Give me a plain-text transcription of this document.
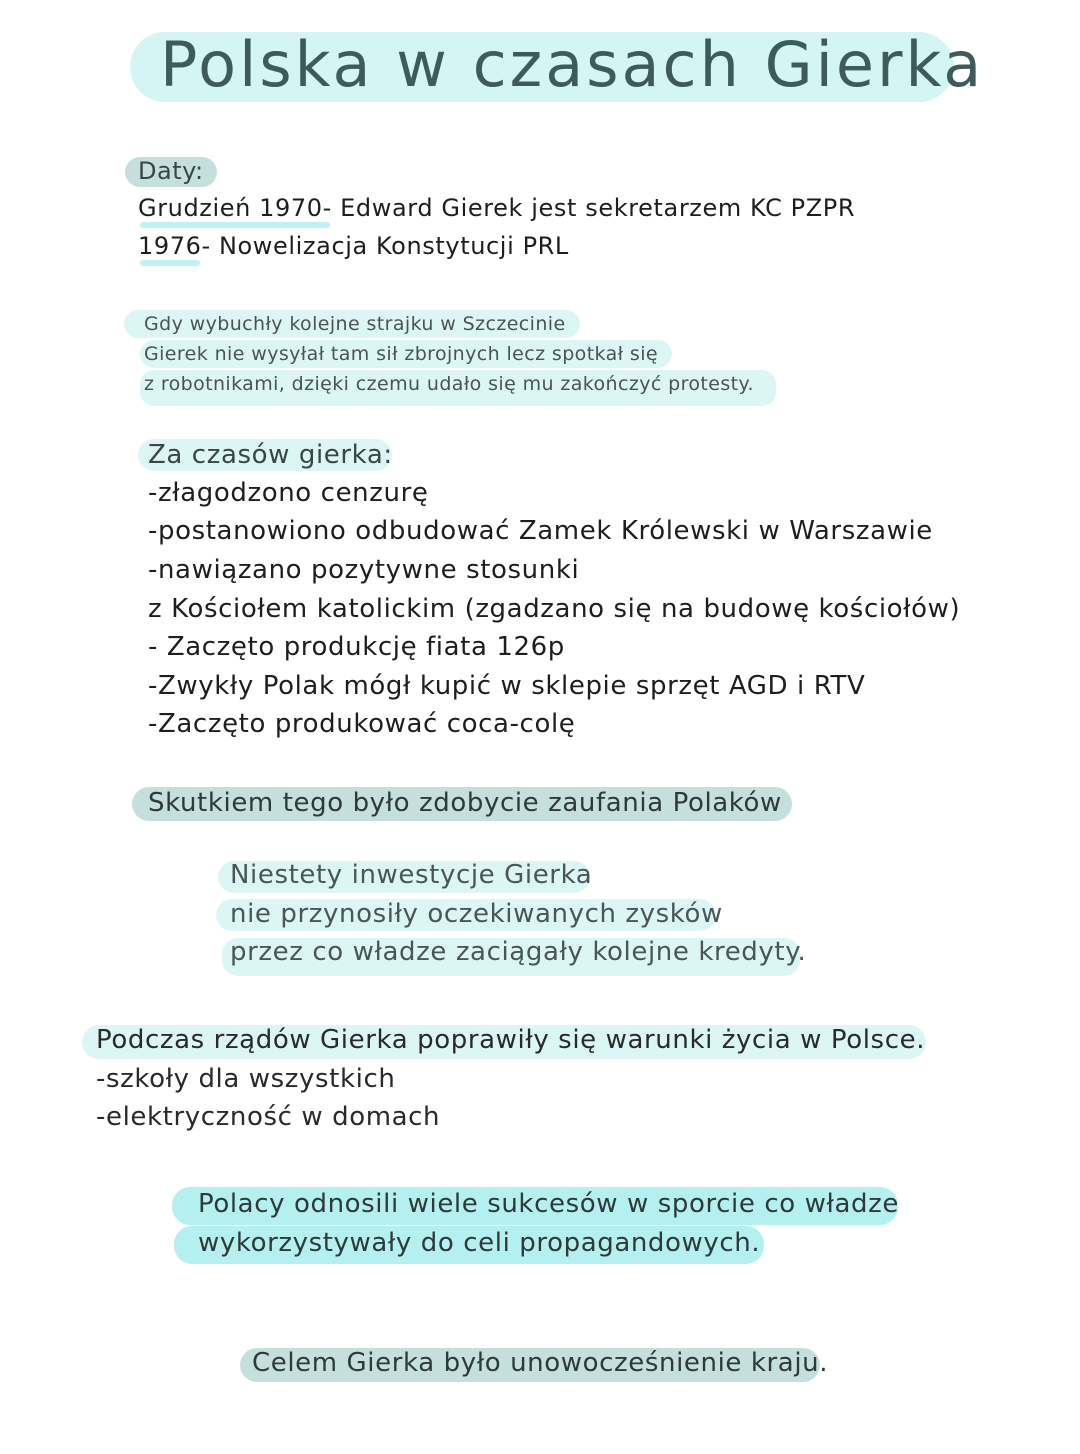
Polska w czasach Gierka
Daty:
Grudzień 1970- Edward Gierek jest sekretarzem KC PZPR
1976- Nowelizacja Konstytucji PRL
Gdy wybuchły kolejne strajku w Szczecinie
Gierek nie wysyłał tam sił zbrojnych lecz spotkał się
z robotnikami, dzięki czemu udało się mu zakończyć protesty.
Za czasów gierka:
-złagodzono cenzurę
-postanowiono odbudować Zamek Królewski w Warszawie
-nawiązano pozytywne stosunki
z Kościołem katolickim (zgadzano się na budowę kościołów)
- Zaczęto produkcję fiata 126p
-Zwykły Polak mógł kupić w sklepie sprzęt AGD i RTV
-Zaczęto produkować coca-colę
Skutkiem tego było zdobycie zaufania Polaków
Niestety inwestycje Gierka
nie przynosiły oczekiwanych zysków
przez co władze zaciągały kolejne kredyty.
Podczas rządów Gierka poprawiły się warunki życia w Polsce.
-szkoły dla wszystkich
-elektryczność w domach
Polacy odnosili wiele sukcesów w sporcie co władze
wykorzystywały do celi propagandowych.
Celem Gierka było unowocześnienie kraju.
